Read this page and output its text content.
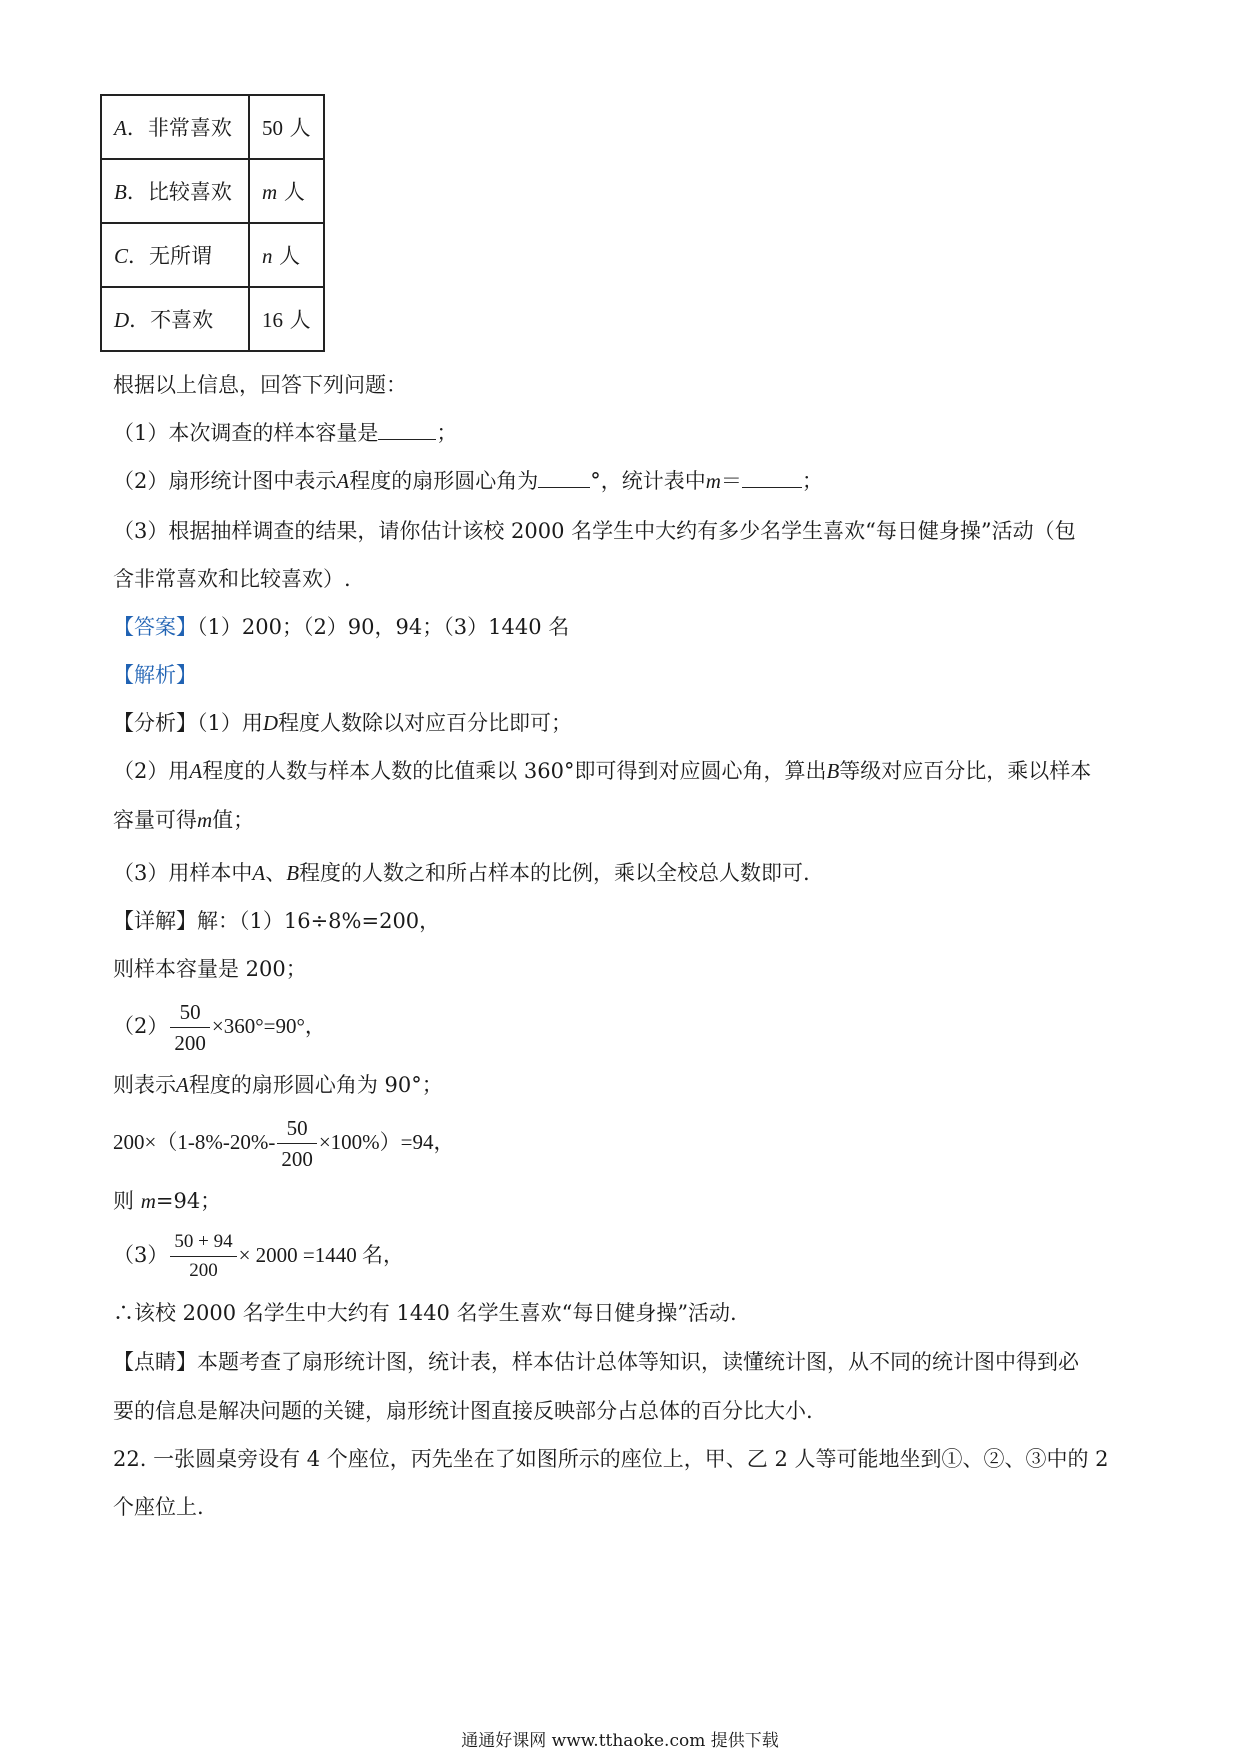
A．非常喜欢	50 人
B．比较喜欢	m 人
C．无所谓	n 人
D．不喜欢	16 人
根据以上信息，回答下列问题：
（1）本次调查的样本容量是	；
（2）扇形统计图中表示A程度的扇形圆心角为 °，统计表中m＝	；
（3）根据抽样调查的结果，请你估计该校 2000 名学生中大约有多少名学生喜欢“每日健身操”活动（包
含非常喜欢和比较喜欢）.
【答案】（1）200；（2）90，94；（3）1440 名
【解析】
【分析】（1）用D程度人数除以对应百分比即可；
（2）用A程度的人数与样本人数的比值乘以 360°即可得到对应圆心角，算出B等级对应百分比，乘以样本
容量可得m值；
（3）用样本中A、B程度的人数之和所占样本的比例，乘以全校总人数即可.
【详解】解：（1）16÷8%=200，
则样本容量是 200；
$(2) \frac{50}{200} \times 360^\circ=90^\circ$，
则表示A程度的扇形圆心角为 90°；
$200\times(1-8\%-20\%- \frac{50}{200} \times 100\%)=94$，
则 m=94；
$(3) \frac{50 + 94}{200} \times 2000 =1440$ 名，
∴该校 2000 名学生中大约有 1440 名学生喜欢“每日健身操”活动.
【点睛】本题考查了扇形统计图，统计表，样本估计总体等知识，读懂统计图，从不同的统计图中得到必
要的信息是解决问题的关键，扇形统计图直接反映部分占总体的百分比大小.
22. 一张圆桌旁设有 4 个座位，丙先坐在了如图所示的座位上，甲、乙 2 人等可能地坐到①、②、③中的 2
个座位上.
通通好课网 www.tthaoke.com 提供下载
